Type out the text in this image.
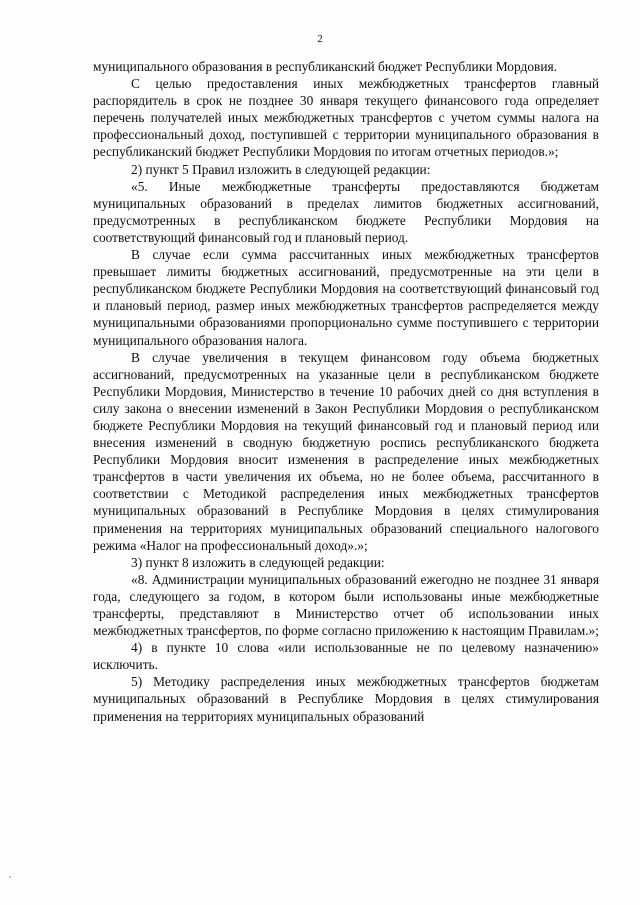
2

муниципального образования в республиканский бюджет Республики Мордовия.

С целью предоставления иных межбюджетных трансфертов главный распорядитель в срок не позднее 30 января текущего финансового года определяет перечень получателей иных межбюджетных трансфертов с учетом суммы налога на профессиональный доход, поступившей с территории муниципального образования в республиканский бюджет Республики Мордовия по итогам отчетных периодов.»;

2) пункт 5 Правил изложить в следующей редакции:

«5. Иные межбюджетные трансферты предоставляются бюджетам муниципальных образований в пределах лимитов бюджетных ассигнований, предусмотренных в республиканском бюджете Республики Мордовия на соответствующий финансовый год и плановый период.

В случае если сумма рассчитанных иных межбюджетных трансфертов превышает лимиты бюджетных ассигнований, предусмотренные на эти цели в республиканском бюджете Республики Мордовия на соответствующий финансовый год и плановый период, размер иных межбюджетных трансфертов распределяется между муниципальными образованиями пропорционально сумме поступившего с территории муниципального образования налога.

В случае увеличения в текущем финансовом году объема бюджетных ассигнований, предусмотренных на указанные цели в республиканском бюджете Республики Мордовия, Министерство в течение 10 рабочих дней со дня вступления в силу закона о внесении изменений в Закон Республики Мордовия о республиканском бюджете Республики Мордовия на текущий финансовый год и плановый период или внесения изменений в сводную бюджетную роспись республиканского бюджета Республики Мордовия вносит изменения в распределение иных межбюджетных трансфертов в части увеличения их объема, но не более объема, рассчитанного в соответствии с Методикой распределения иных межбюджетных трансфертов муниципальных образований в Республике Мордовия в целях стимулирования применения на территориях муниципальных образований специального налогового режима «Налог на профессиональный доход».»;

3) пункт 8 изложить в следующей редакции:

«8. Администрации муниципальных образований ежегодно не позднее 31 января года, следующего за годом, в котором были использованы иные межбюджетные трансферты, представляют в Министерство отчет об использовании иных межбюджетных трансфертов, по форме согласно приложению к настоящим Правилам.»;

4) в пункте 10 слова «или использованные не по целевому назначению» исключить.

5) Методику распределения иных межбюджетных трансфертов бюджетам муниципальных образований в Республике Мордовия в целях стимулирования применения на территориях муниципальных образований
